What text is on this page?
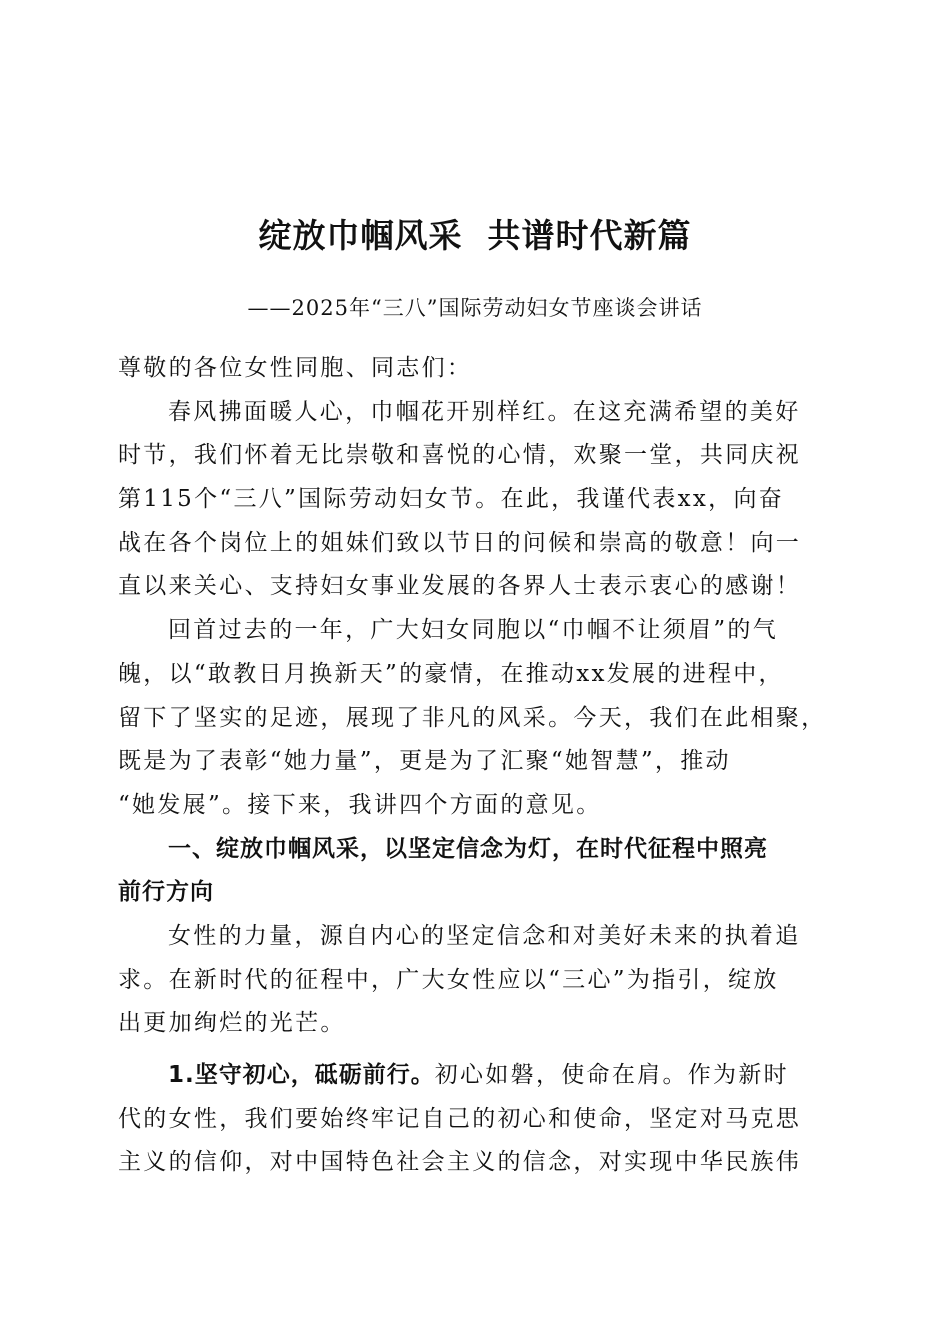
绽放巾帼风采  共谱时代新篇
——2025年“三八”国际劳动妇女节座谈会讲话
尊敬的各位女性同胞、同志们：
春风拂面暖人心，巾帼花开别样红。在这充满希望的美好
时节，我们怀着无比崇敬和喜悦的心情，欢聚一堂，共同庆祝
第115个“三八”国际劳动妇女节。在此，我谨代表xx，向奋
战在各个岗位上的姐妹们致以节日的问候和崇高的敬意！向一
直以来关心、支持妇女事业发展的各界人士表示衷心的感谢！
回首过去的一年，广大妇女同胞以“巾帼不让须眉”的气
魄，以“敢教日月换新天”的豪情，在推动xx发展的进程中，
留下了坚实的足迹，展现了非凡的风采。今天，我们在此相聚，
既是为了表彰“她力量”，更是为了汇聚“她智慧”，推动
“她发展”。接下来，我讲四个方面的意见。
一、绽放巾帼风采，以坚定信念为灯，在时代征程中照亮
前行方向
女性的力量，源自内心的坚定信念和对美好未来的执着追
求。在新时代的征程中，广大女性应以“三心”为指引，绽放
出更加绚烂的光芒。
1.坚守初心，砥砺前行。初心如磐，使命在肩。作为新时
代的女性，我们要始终牢记自己的初心和使命，坚定对马克思
主义的信仰，对中国特色社会主义的信念，对实现中华民族伟
